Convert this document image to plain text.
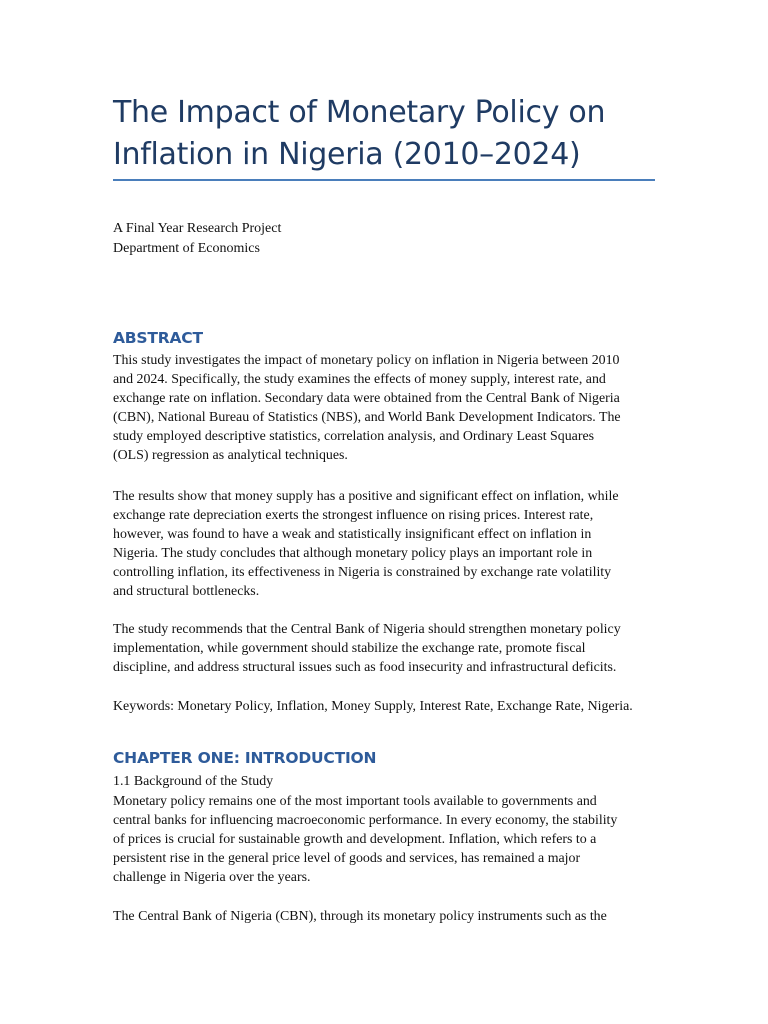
The Impact of Monetary Policy on
Inflation in Nigeria (2010–2024)
A Final Year Research Project
Department of Economics
ABSTRACT

This study investigates the impact of monetary policy on inflation in Nigeria between 2010
and 2024. Specifically, the study examines the effects of money supply, interest rate, and
exchange rate on inflation. Secondary data were obtained from the Central Bank of Nigeria
(CBN), National Bureau of Statistics (NBS), and World Bank Development Indicators. The
study employed descriptive statistics, correlation analysis, and Ordinary Least Squares
(OLS) regression as analytical techniques.

The results show that money supply has a positive and significant effect on inflation, while
exchange rate depreciation exerts the strongest influence on rising prices. Interest rate,
however, was found to have a weak and statistically insignificant effect on inflation in
Nigeria. The study concludes that although monetary policy plays an important role in
controlling inflation, its effectiveness in Nigeria is constrained by exchange rate volatility
and structural bottlenecks.

The study recommends that the Central Bank of Nigeria should strengthen monetary policy
implementation, while government should stabilize the exchange rate, promote fiscal
discipline, and address structural issues such as food insecurity and infrastructural deficits.

Keywords: Monetary Policy, Inflation, Money Supply, Interest Rate, Exchange Rate, Nigeria.

CHAPTER ONE: INTRODUCTION

1.1 Background of the Study

Monetary policy remains one of the most important tools available to governments and
central banks for influencing macroeconomic performance. In every economy, the stability
of prices is crucial for sustainable growth and development. Inflation, which refers to a
persistent rise in the general price level of goods and services, has remained a major
challenge in Nigeria over the years.

The Central Bank of Nigeria (CBN), through its monetary policy instruments such as the
